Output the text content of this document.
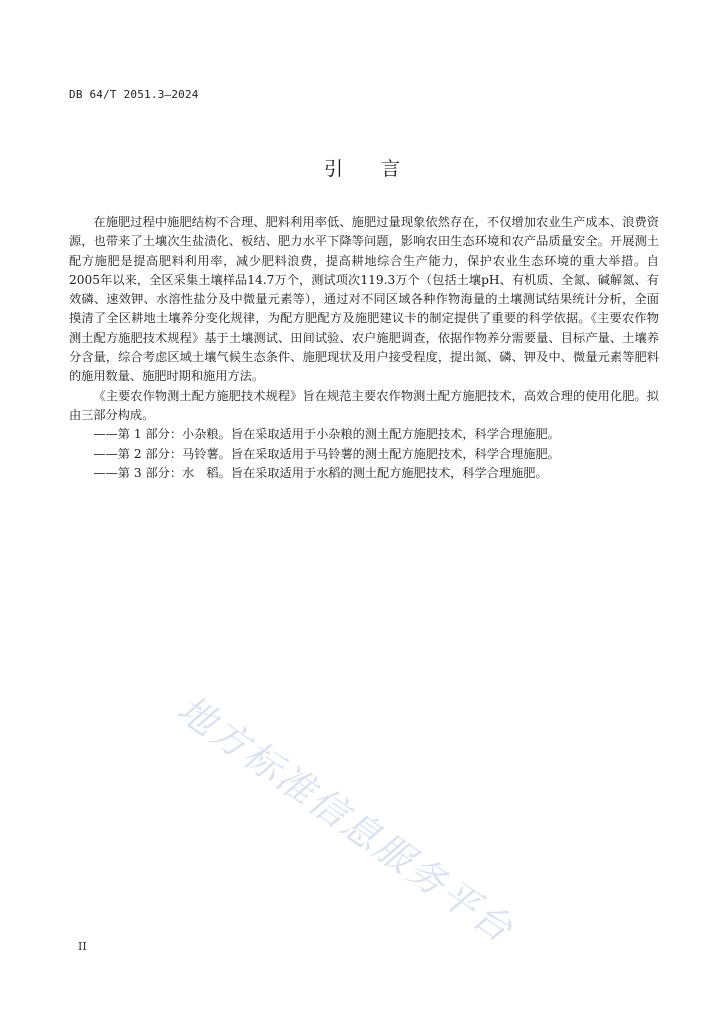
DB 64/T 2051.3—2024
引言

在施肥过程中施肥结构不合理、肥料利用率低、施肥过量现象依然存在，不仅增加农业生产成本、浪费资源，也带来了土壤次生盐渍化、板结、肥力水平下降等问题，影响农田生态环境和农产品质量安全。开展测土配方施肥是提高肥料利用率，减少肥料浪费，提高耕地综合生产能力，保护农业生态环境的重大举措。自2005年以来，全区采集土壤样品14.7万个，测试项次119.3万个（包括土壤pH、有机质、全氮、碱解氮、有效磷、速效钾、水溶性盐分及中微量元素等），通过对不同区域各种作物海量的土壤测试结果统计分析，全面摸清了全区耕地土壤养分变化规律，为配方肥配方及施肥建议卡的制定提供了重要的科学依据。《主要农作物测土配方施肥技术规程》基于土壤测试、田间试验、农户施肥调查，依据作物养分需要量、目标产量、土壤养分含量，综合考虑区域土壤气候生态条件、施肥现状及用户接受程度，提出氮、磷、钾及中、微量元素等肥料的施用数量、施肥时期和施用方法。

《主要农作物测土配方施肥技术规程》旨在规范主要农作物测土配方施肥技术，高效合理的使用化肥。拟由三部分构成。

——第 1 部分：小杂粮。旨在采取适用于小杂粮的测土配方施肥技术，科学合理施肥。

——第 2 部分：马铃薯。旨在采取适用于马铃薯的测土配方施肥技术，科学合理施肥。

——第 3 部分：水　稻。旨在采取适用于水稻的测土配方施肥技术，科学合理施肥。

地方标准信息服务平台
II
